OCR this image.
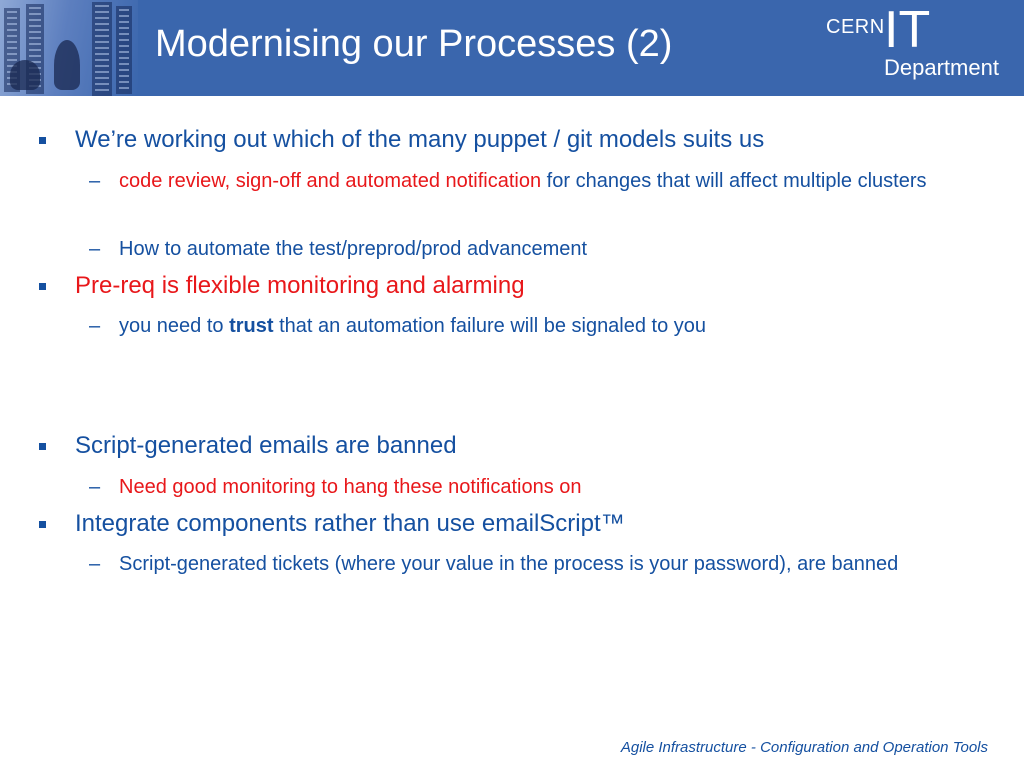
Modernising our Processes (2)	CERN IT
Department
We’re working out which of the many puppet / git models suits us
– code review, sign-off and automated notification for changes that will affect multiple clusters
– How to automate the test/preprod/prod advancement
Pre-req is flexible monitoring and alarming
– you need to trust that an automation failure will be signaled to you
Script-generated emails are banned
– Need good monitoring to hang these notifications on
Integrate components rather than use emailScript™
– Script-generated tickets (where your value in the process is your password), are banned
Agile Infrastructure - Configuration and Operation Tools
